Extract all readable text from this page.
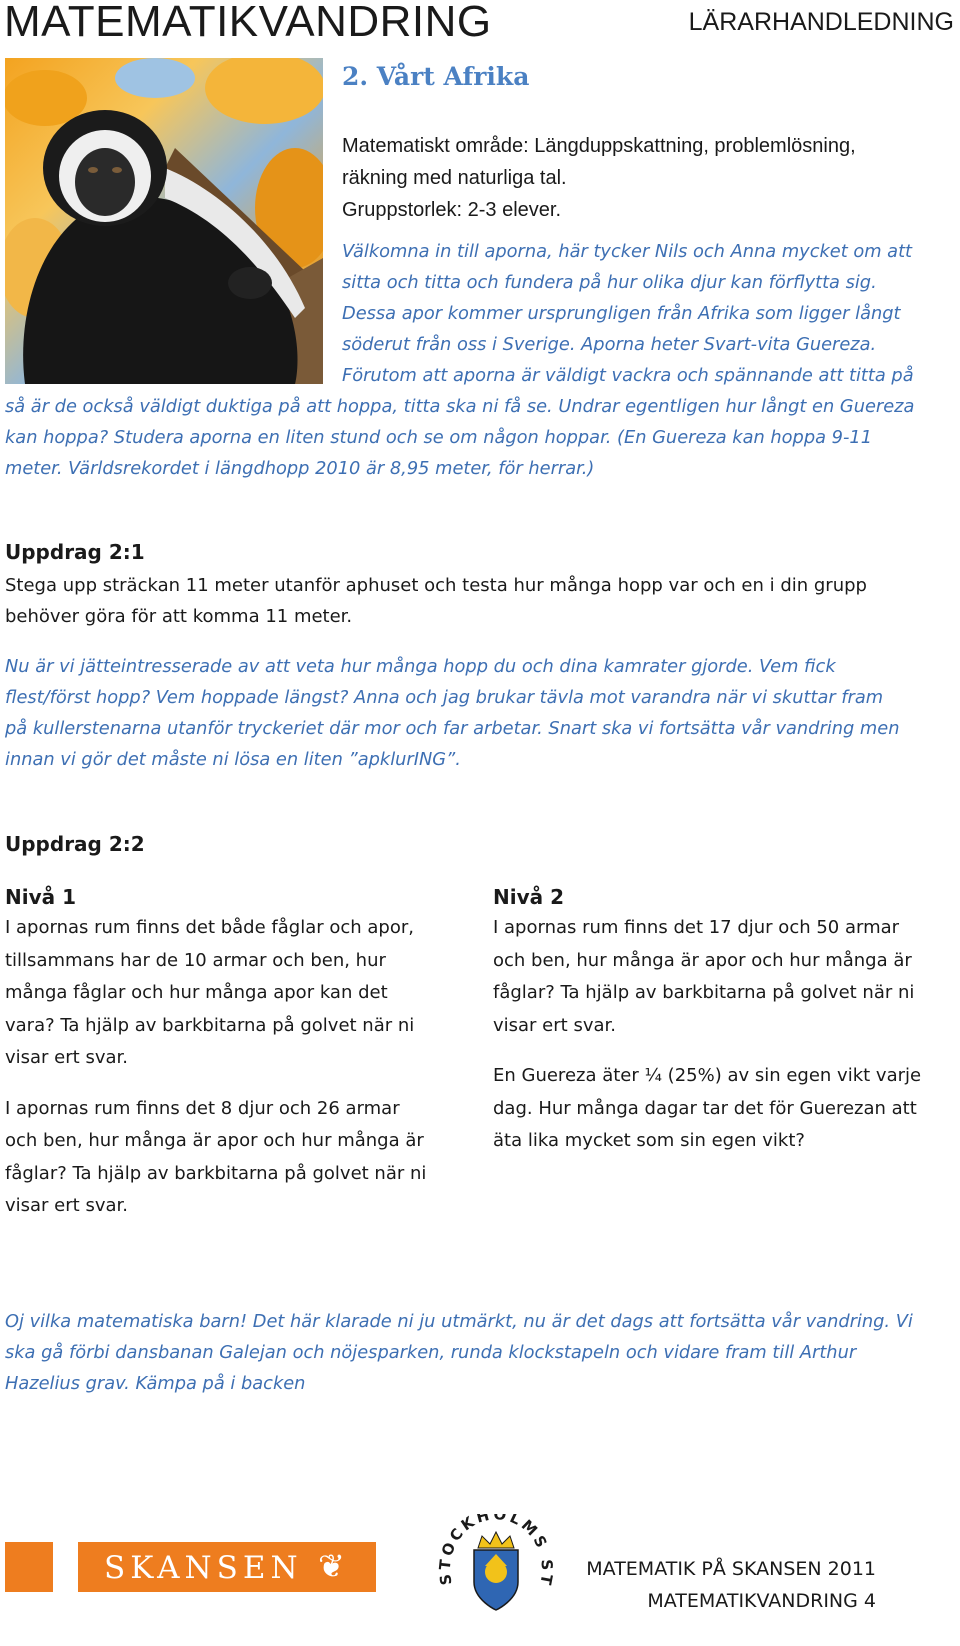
MATEMATIKVANDRING	LÄRARHANDLEDNING
2. Vårt Afrika
Matematiskt område: Längduppskattning, problemlösning,
räkning med naturliga tal.
Gruppstorlek: 2-3 elever.
Välkomna in till aporna, här tycker Nils och Anna mycket om att
sitta och titta och fundera på hur olika djur kan förflytta sig.
Dessa apor kommer ursprungligen från Afrika som ligger långt
söderut från oss i Sverige. Aporna heter Svart-vita Guereza.
Förutom att aporna är väldigt vackra och spännande att titta på
så är de också väldigt duktiga på att hoppa, titta ska ni få se. Undrar egentligen hur långt en Guereza
kan hoppa? Studera aporna en liten stund och se om någon hoppar. (En Guereza kan hoppa 9-11
meter. Världsrekordet i längdhopp 2010 är 8,95 meter, för herrar.)
Uppdrag 2:1
Stega upp sträckan 11 meter utanför aphuset och testa hur många hopp var och en i din grupp
behöver göra för att komma 11 meter.
Nu är vi jätteintresserade av att veta hur många hopp du och dina kamrater gjorde. Vem fick
flest/först hopp? Vem hoppade längst? Anna och jag brukar tävla mot varandra när vi skuttar fram
på kullerstenarna utanför tryckeriet där mor och far arbetar. Snart ska vi fortsätta vår vandring men
innan vi gör det måste ni lösa en liten ”apklurING”.
Uppdrag 2:2
Nivå 1
I apornas rum finns det både fåglar och apor,
tillsammans har de 10 armar och ben, hur
många fåglar och hur många apor kan det
vara? Ta hjälp av barkbitarna på golvet när ni
visar ert svar.
I apornas rum finns det 8 djur och 26 armar
och ben, hur många är apor och hur många är
fåglar? Ta hjälp av barkbitarna på golvet när ni
visar ert svar.
Nivå 2
I apornas rum finns det 17 djur och 50 armar
och ben, hur många är apor och hur många är
fåglar? Ta hjälp av barkbitarna på golvet när ni
visar ert svar.
En Guereza äter ¼ (25%) av sin egen vikt varje
dag. Hur många dagar tar det för Guerezan att
äta lika mycket som sin egen vikt?
Oj vilka matematiska barn! Det här klarade ni ju utmärkt, nu är det dags att fortsätta vår vandring. Vi
ska gå förbi dansbanan Galejan och nöjesparken, runda klockstapeln och vidare fram till Arthur
Hazelius grav. Kämpa på i backen
SKANSEN ❦
OCKHOLMS T
MATEMATIK PÅ SKANSEN 2011
MATEMATIKVANDRING 4
